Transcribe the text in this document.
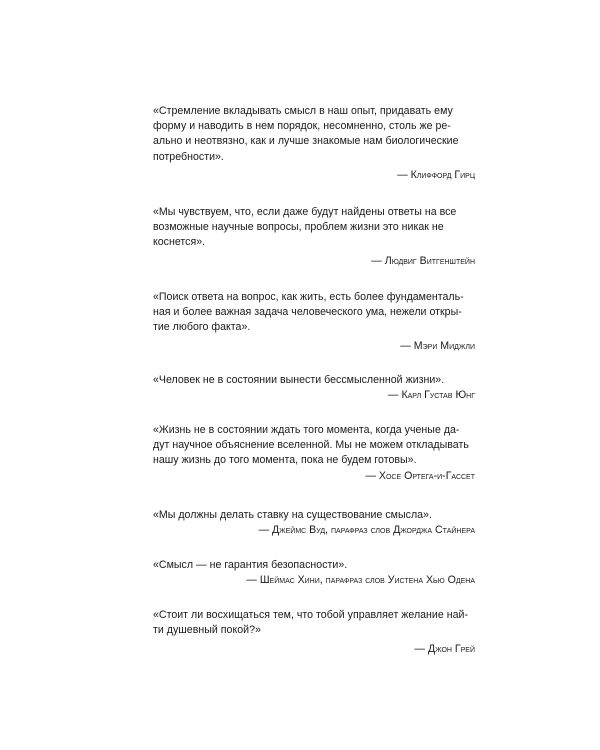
«Стремление вкладывать смысл в наш опыт, придавать ему

форму и наводить в нем порядок, несомненно, столь же ре-

ально и неотвязно, как и лучше знакомые нам биологические

потребности».

— Клиффорд Гирц

«Мы чувствуем, что, если даже будут найдены ответы на все

возможные научные вопросы, проблем жизни это никак не

коснется».

— Людвиг Витгенштейн

«Поиск ответа на вопрос, как жить, есть более фундаменталь-

ная и более важная задача человеческого ума, нежели откры-

тие любого факта».

— Мэри Миджли

«Человек не в состоянии вынести бессмысленной жизни».

— Карл Густав Юнг

«Жизнь не в состоянии ждать того момента, когда ученые да-

дут научное объяснение вселенной. Мы не можем откладывать

нашу жизнь до того момента, пока не будем готовы».

— Хосе Ортега-и-Гассет

«Мы должны делать ставку на существование смысла».

— Джеймс Вуд, парафраз слов Джорджа Стайнера

«Смысл — не гарантия безопасности».

— Шеймас Хини, парафраз слов Уистена Хью Одена

«Стоит ли восхищаться тем, что тобой управляет желание най-

ти душевный покой?»

— Джон Грей
